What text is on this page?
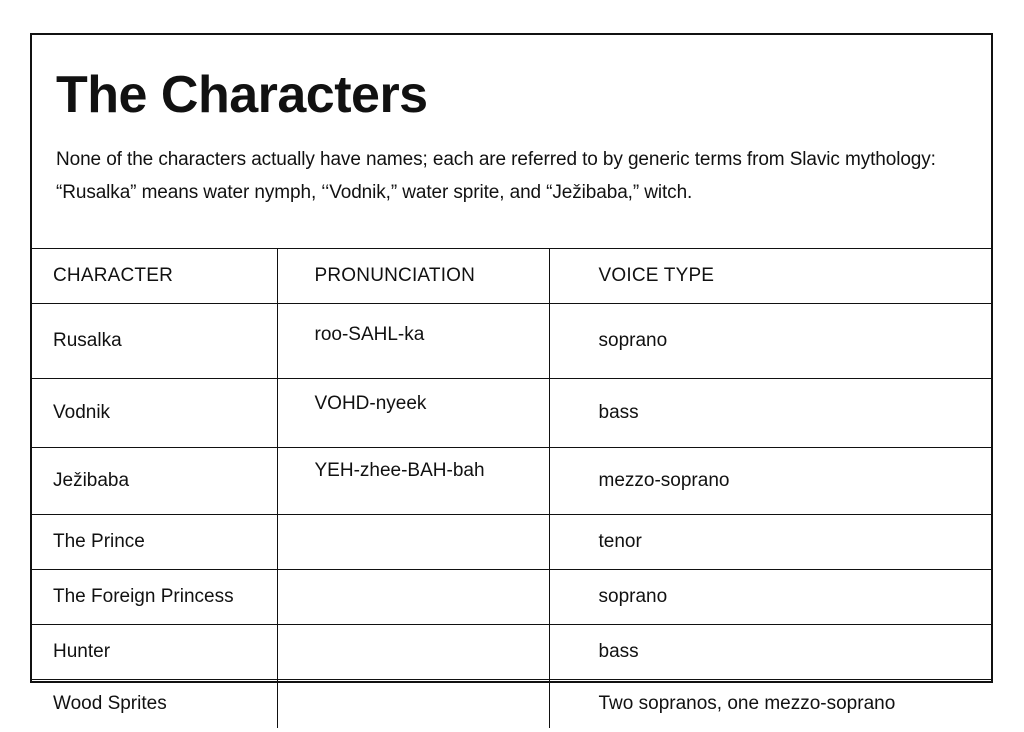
The Characters

None of the characters actually have names; each are referred to by generic terms from Slavic mythology: “Rusalka” means water nymph, ‘‘Vodnik,” water sprite, and “Ježibaba,” witch.

CHARACTER	PRONUNCIATION	VOICE TYPE
Rusalka	roo-SAHL-ka	soprano
Vodnik	VOHD-nyeek	bass
Ježibaba	YEH-zhee-BAH-bah	mezzo-soprano
The Prince		tenor
The Foreign Princess		soprano
Hunter		bass
Wood Sprites		Two sopranos, one mezzo-soprano
